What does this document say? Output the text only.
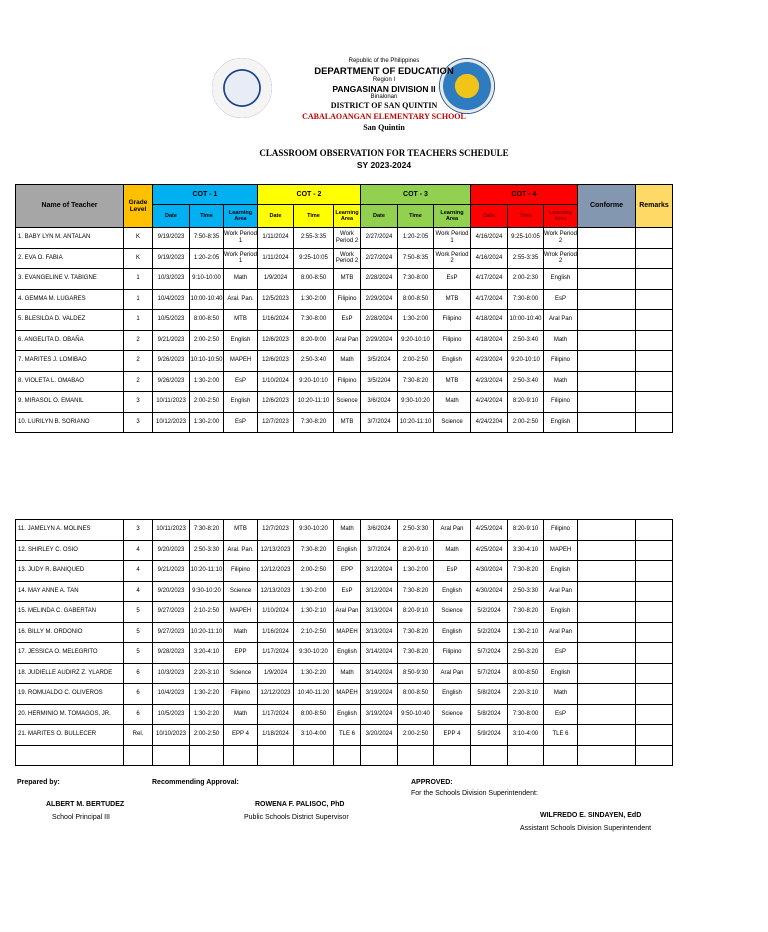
Republic of the Philippines
DEPARTMENT OF EDUCATION
Region I
PANGASINAN DIVISION II
Binalonan
DISTRICT OF SAN QUINTIN
CABALAOANGAN ELEMENTARY SCHOOL
San Quintin
CLASSROOM OBSERVATION FOR TEACHERS SCHEDULE
SY 2023-2024
Name of Teacher	Grade Level	COT - 1			COT - 2			COT - 3			COT - 4			Conforme	Remarks
		Date	Time	Learning Area	Date	Time	Learning Area	Date	Time	Learning Area	Date	Time	Learning Area		
1. BABY LYN M. ANTALAN	K	9/19/2023	7:50-8:35	Work Period 1	1/11/2024	2:55-3:35	Work Period 2	2/27/2024	1:20-2:05	Work Period 1	4/16/2024	9:25-10:05	Work Period 2		
2. EVA O. FABIA	K	9/19/2023	1:20-2:05	Work Period 1	1/11/2024	9:25-10:05	Work Period 2	2/27/2024	7:50-8:35	Work Period 2	4/16/2024	2:55-3:35	Wrok Period 2		
3. EVANGELINE V. TABIGNE	1	10/3/2023	9:10-10:00	Math	1/9/2024	8:00-8:50	MTB	2/28/2024	7:30-8:00	EsP	4/17/2024	2:00-2:30	English		
4. GEMMA M. LUGARES	1	10/4/2023	10:00-10:40	Aral. Pan.	12/5/2023	1:30-2:00	Filipino	2/29/2024	8:00-8:50	MTB	4/17/2024	7:30-8:00	EsP		
5. BLESILDA D. VALDEZ	1	10/5/2023	8:00-8:50	MTB	1/16/2024	7:30-8:00	EsP	2/28/2024	1:30-2:00	Filipino	4/18/2024	10:00-10:40	Aral Pan		
6. ANGELITA D. OBAÑA	2	9/21/2023	2:00-2:50	English	12/6/2023	8:20-9:00	Aral Pan	2/29/2024	9:20-10:10	Filipino	4/18/2024	2:50-3:40	Math		
7. MARITES J. LOMIBAO	2	9/26/2023	10:10-10:50	MAPEH	12/6/2023	2:50-3:40	Math	3/5/2024	2:00-2:50	English	4/23/2024	9:20-10:10	Filipino		
8. VIOLETA L. OMABAO	2	9/26/2023	1:30-2:00	EsP	1/10/2024	9:20-10:10	Filipino	3/5/2204	7:30-8:20	MTB	4/23/2024	2:50-3:40	Math		
9. MIRASOL O. EMANIL	3	10/11/2023	2:00-2:50	English	12/6/2023	10:20-11:10	Science	3/6/2024	9:30-10:20	Math	4/24/2024	8:20-9:10	Filipino		
10. LURILYN B. SORIANO	3	10/12/2023	1:30-2:00	EsP	12/7/2023	7:30-8:20	MTB	3/7/2024	10:20-11:10	Science	4/24/2204	2:00-2:50	English		
11. JAMELYN A. MOLINES	3	10/11/2023	7:30-8:20	MTB	12/7/2023	9:30-10:20	Math	3/6/2024	2:50-3:30	Aral Pan	4/25/2024	8:20-9:10	Filipino		
12. SHIRLEY C. OSIO	4	9/20/2023	2:50-3:30	Aral. Pan.	12/13/2023	7:30-8:20	English	3/7/2024	8:20-9:10	Math	4/25/2024	3:30-4:10	MAPEH		
13. JUDY R. BANIQUED	4	9/21/2023	10:20-11:10	Filipino	12/12/2023	2:00-2:50	EPP	3/12/2024	1:30-2:00	EsP	4/30/2024	7:30-8:20	English		
14. MAY ANNE A. TAN	4	9/20/2023	9:30-10:20	Science	12/13/2023	1:30-2:00	EsP	3/12/2024	7:30-8:20	English	4/30/2024	2:50-3:30	Aral Pan		
15. MELINDA C. GABERTAN	5	9/27/2023	2:10-2:50	MAPEH	1/10/2024	1:30-2:10	Aral Pan	3/13/2024	8:20-9:10	Science	5/2/2024	7:30-8:20	English		
16. BILLY M. ORDONIO	5	9/27/2023	10:20-11:10	Math	1/16/2024	2:10-2:50	MAPEH	3/13/2024	7:30-8:20	English	5/2/2024	1:30-2:10	Aral Pan		
17. JESSICA O. MELEGRITO	5	9/28/2023	3:20-4:10	EPP	1/17/2024	9:30-10:20	English	3/14/2024	7:30-8:20	Filipino	5/7/2024	2:50-3:20	EsP		
18. JUDIELLE AUDIRZ Z. YLARDE	6	10/3/2023	2:20-3:10	Science	1/9/2024	1:30-2:20	Math	3/14/2024	8:50-9:30	Aral Pan	5/7/2024	8:00-8:50	English		
19. ROMUALDO C. OLIVEROS	6	10/4/2023	1:30-2:20	Filipino	12/12/2023	10:40-11:20	MAPEH	3/19/2024	8:00-8:50	English	5/8/2024	2:20-3:10	Math		
20. HERMINIO M. TOMAGOS, JR.	6	10/5/2023	1:30-2:20	Math	1/17/2024	8:00-8:50	English	3/19/2024	9:50-10:40	Science	5/8/2024	7:30-8:00	EsP		
21. MARITES O. BULLECER	Rel.	10/10/2023	2:00-2:50	EPP 4	1/18/2024	3:10-4:00	TLE 6	3/20/2024	2:00-2:50	EPP 4	5/9/2024	3:10-4:00	TLE 6		

Prepared by:
ALBERT M. BERTUDEZ
School Principal III
Recommending Approval:
ROWENA F. PALISOC, PhD
Public Schools District Supervisor
APPROVED:
For the Schools Division Superintendent:
WILFREDO E. SINDAYEN, EdD
Assistant Schools Division Superintendent
